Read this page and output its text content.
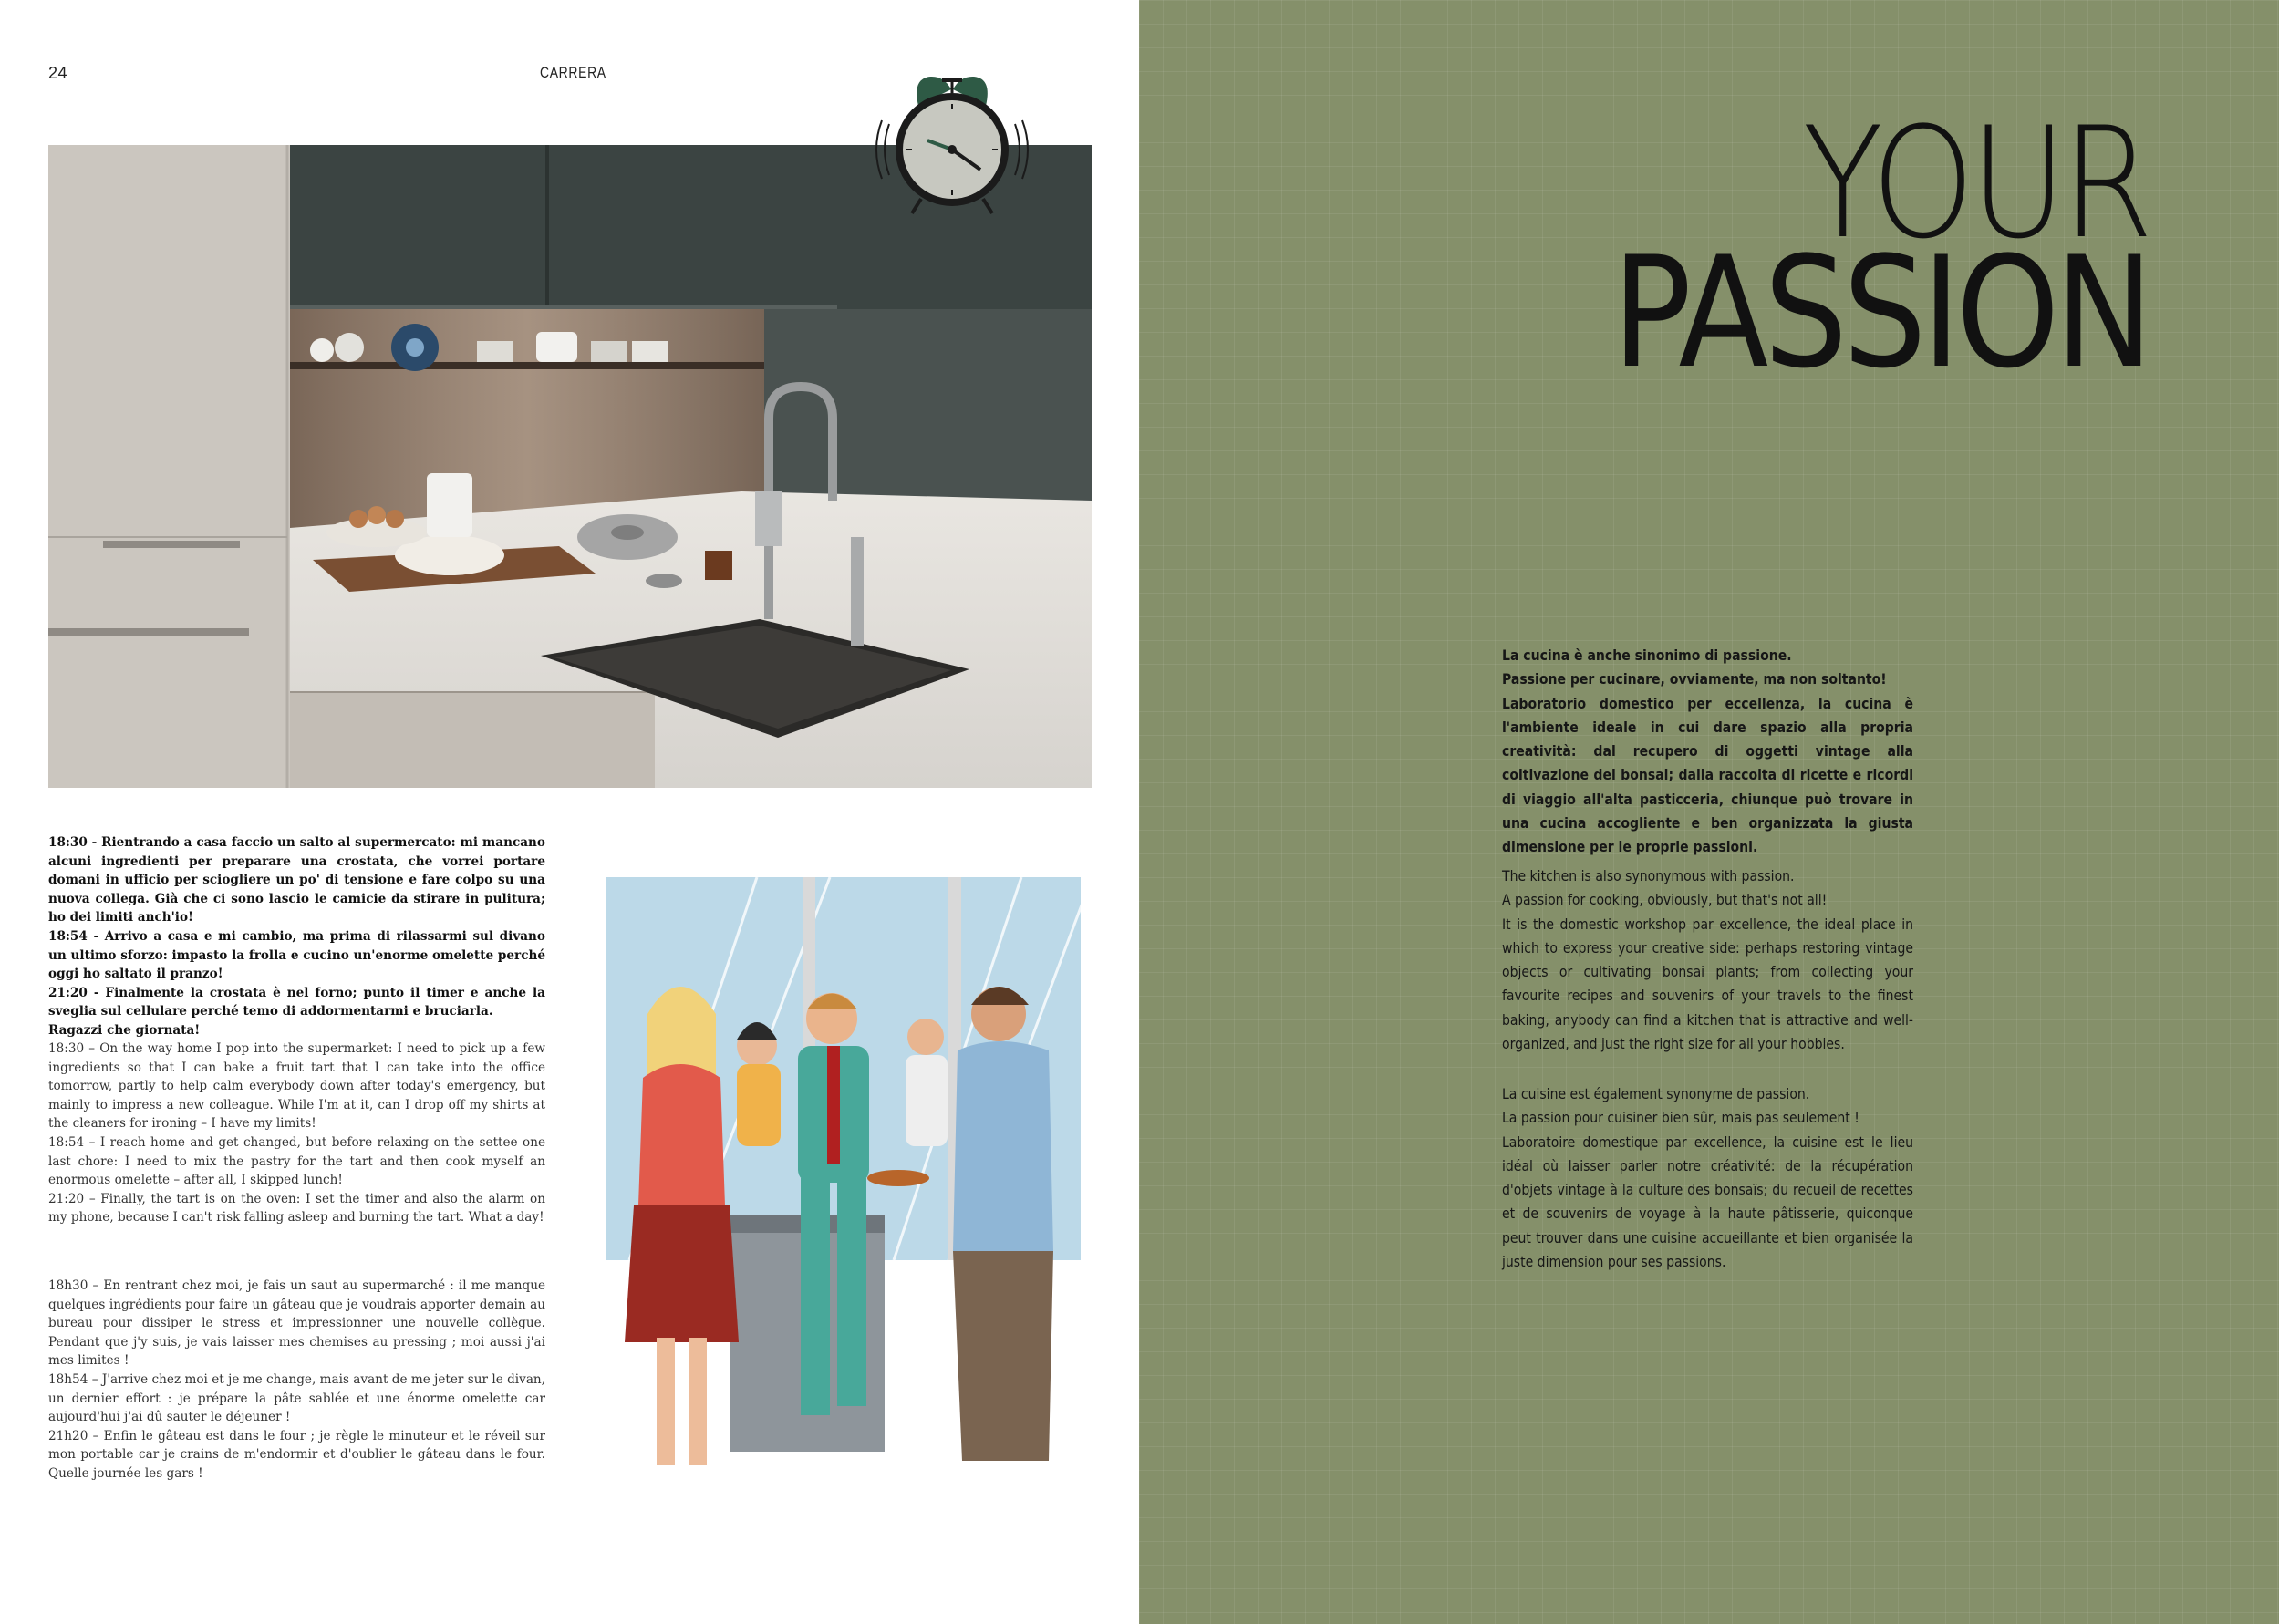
24	CARRERA

18:30 - Rientrando a casa faccio un salto al supermercato: mi mancano alcuni ingredienti per preparare una crostata, che vorrei portare domani in ufficio per sciogliere un po' di tensione e fare colpo su una nuova collega. Già che ci sono lascio le camicie da stirare in pulitura; ho dei limiti anch'io!

18:54 - Arrivo a casa e mi cambio, ma prima di rilassarmi sul divano un ultimo sforzo: impasto la frolla e cucino un'enorme omelette perché oggi ho saltato il pranzo!

21:20 - Finalmente la crostata è nel forno; punto il timer e anche la sveglia sul cellulare perché temo di addormentarmi e bruciarla.

Ragazzi che giornata!

18:30 – On the way home I pop into the supermarket: I need to pick up a few ingredients so that I can bake a fruit tart that I can take into the office tomorrow, partly to help calm everybody down after today's emergency, but mainly to impress a new colleague. While I'm at it, can I drop off my shirts at the cleaners for ironing – I have my limits!

18:54 – I reach home and get changed, but before relaxing on the settee one last chore: I need to mix the pastry for the tart and then cook myself an enormous omelette – after all, I skipped lunch!

21:20 – Finally, the tart is on the oven: I set the timer and also the alarm on my phone, because I can't risk falling asleep and burning the tart. What a day!

18h30 – En rentrant chez moi, je fais un saut au supermarché : il me manque quelques ingrédients pour faire un gâteau que je voudrais apporter demain au bureau pour dissiper le stress et impressionner une nouvelle collègue. Pendant que j'y suis, je vais laisser mes chemises au pressing ; moi aussi j'ai mes limites !

18h54 – J'arrive chez moi et je me change, mais avant de me jeter sur le divan, un dernier effort : je prépare la pâte sablée et une énorme omelette car aujourd'hui j'ai dû sauter le déjeuner !

21h20 – Enfin le gâteau est dans le four ; je règle le minuteur et le réveil sur mon portable car je crains de m'endormir et d'oublier le gâteau dans le four. Quelle journée les gars !

YOUR
PASSION

La cucina è anche sinonimo di passione.

Passione per cucinare, ovviamente, ma non soltanto!

Laboratorio domestico per eccellenza, la cucina è l'ambiente ideale in cui dare spazio alla propria creatività: dal recupero di oggetti vintage alla coltivazione dei bonsai; dalla raccolta di ricette e ricordi di viaggio all'alta pasticceria, chiunque può trovare in una cucina accogliente e ben organizzata la giusta dimensione per le proprie passioni.

The kitchen is also synonymous with passion.

A passion for cooking, obviously, but that's not all!

It is the domestic workshop par excellence, the ideal place in which to express your creative side: perhaps restoring vintage objects or cultivating bonsai plants; from collecting your favourite recipes and souvenirs of your travels to the finest baking, anybody can find a kitchen that is attractive and well-organized, and just the right size for all your hobbies.

La cuisine est également synonyme de passion.

La passion pour cuisiner bien sûr, mais pas seulement !

Laboratoire domestique par excellence, la cuisine est le lieu idéal où laisser parler notre créativité: de la récupération d'objets vintage à la culture des bonsaïs; du recueil de recettes et de souvenirs de voyage à la haute pâtisserie, quiconque peut trouver dans une cuisine accueillante et bien organisée la juste dimension pour ses passions.
